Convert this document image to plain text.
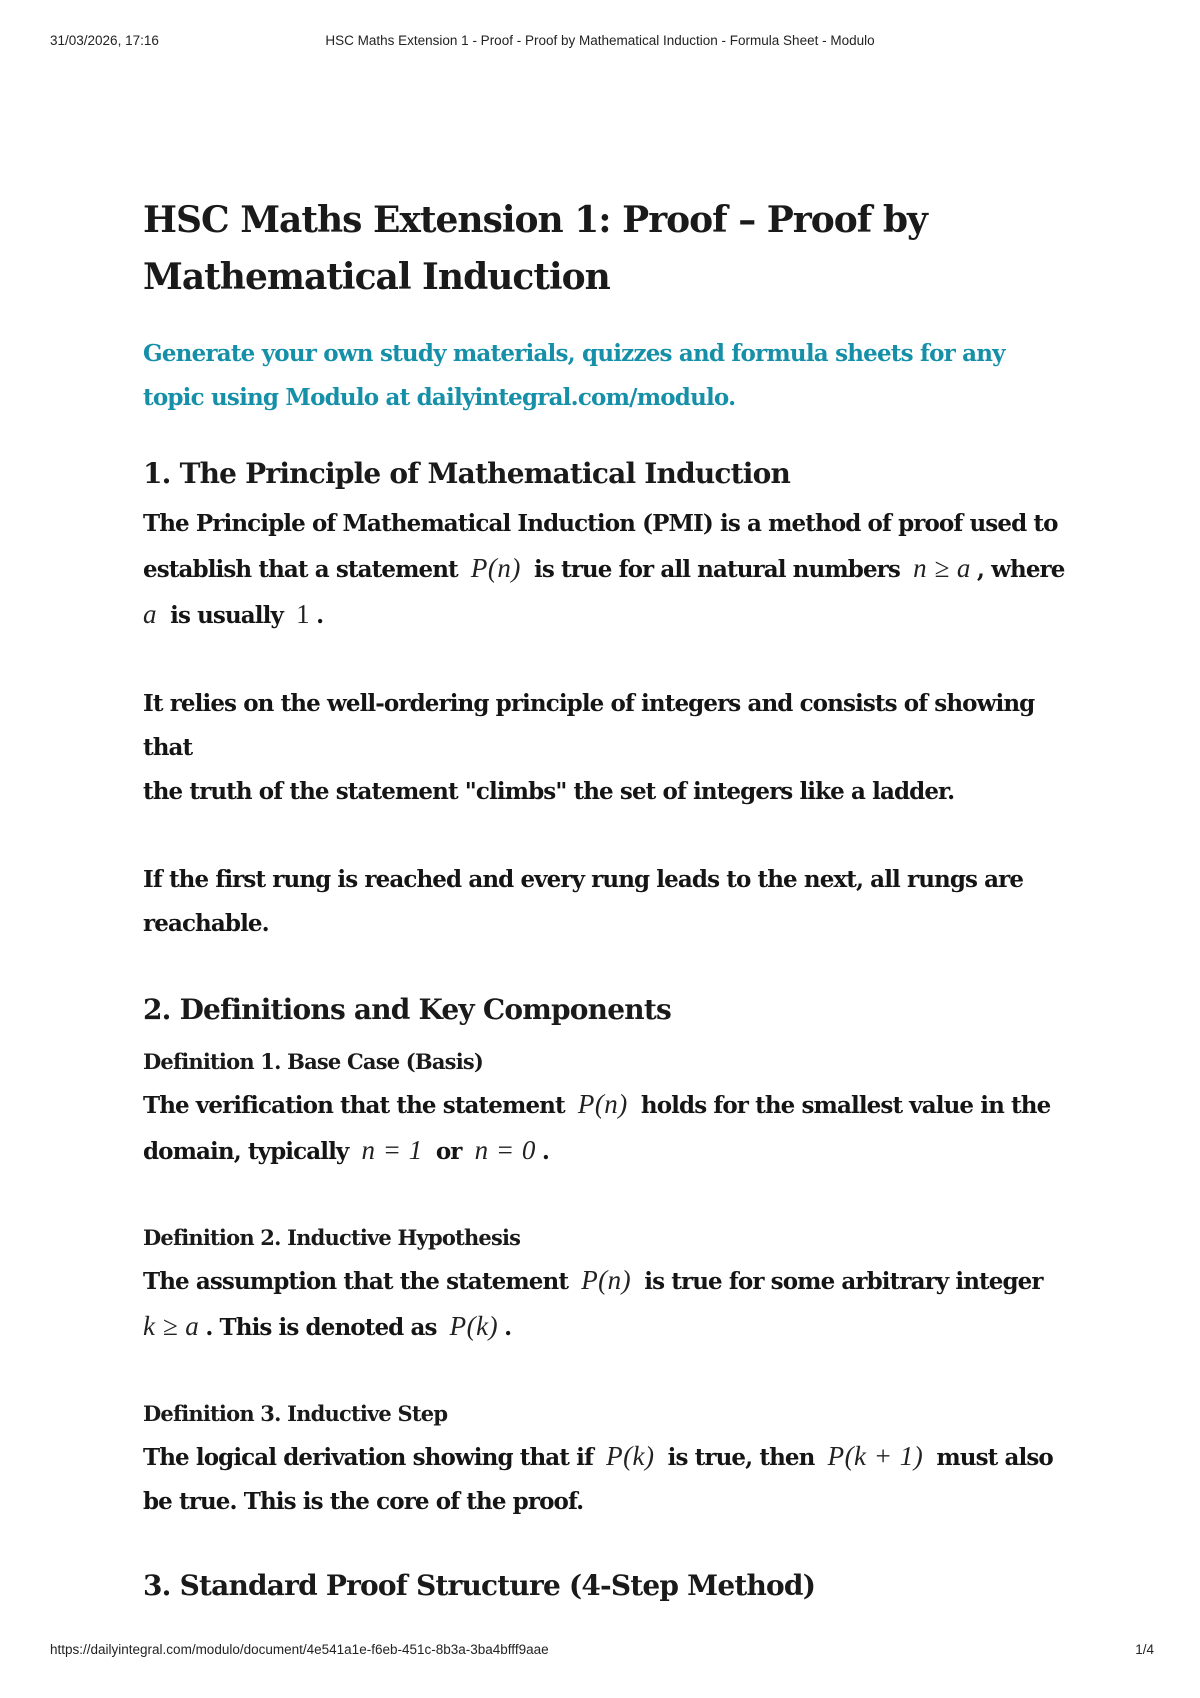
31/03/2026, 17:16	HSC Maths Extension 1 - Proof - Proof by Mathematical Induction - Formula Sheet - Modulo
HSC Maths Extension 1: Proof – Proof by
Mathematical Induction
Generate your own study materials, quizzes and formula sheets for any
topic using Modulo at dailyintegral.com/modulo.
1. The Principle of Mathematical Induction

The Principle of Mathematical Induction (PMI) is a method of proof used to
establish that a statement P(n) is true for all natural numbers n ≥ a , where
a is usually 1 .

It relies on the well-ordering principle of integers and consists of showing that
the truth of the statement "climbs" the set of integers like a ladder.

If the first rung is reached and every rung leads to the next, all rungs are
reachable.

2. Definitions and Key Components
Definition 1. Base Case (Basis)

The verification that the statement P(n) holds for the smallest value in the
domain, typically n = 1 or n = 0 .

Definition 2. Inductive Hypothesis

The assumption that the statement P(n) is true for some arbitrary integer
k ≥ a . This is denoted as P(k) .

Definition 3. Inductive Step

The logical derivation showing that if P(k) is true, then P(k + 1) must also
be true. This is the core of the proof.

3. Standard Proof Structure (4-Step Method)
https://dailyintegral.com/modulo/document/4e541a1e-f6eb-451c-8b3a-3ba4bfff9aae	1/4
